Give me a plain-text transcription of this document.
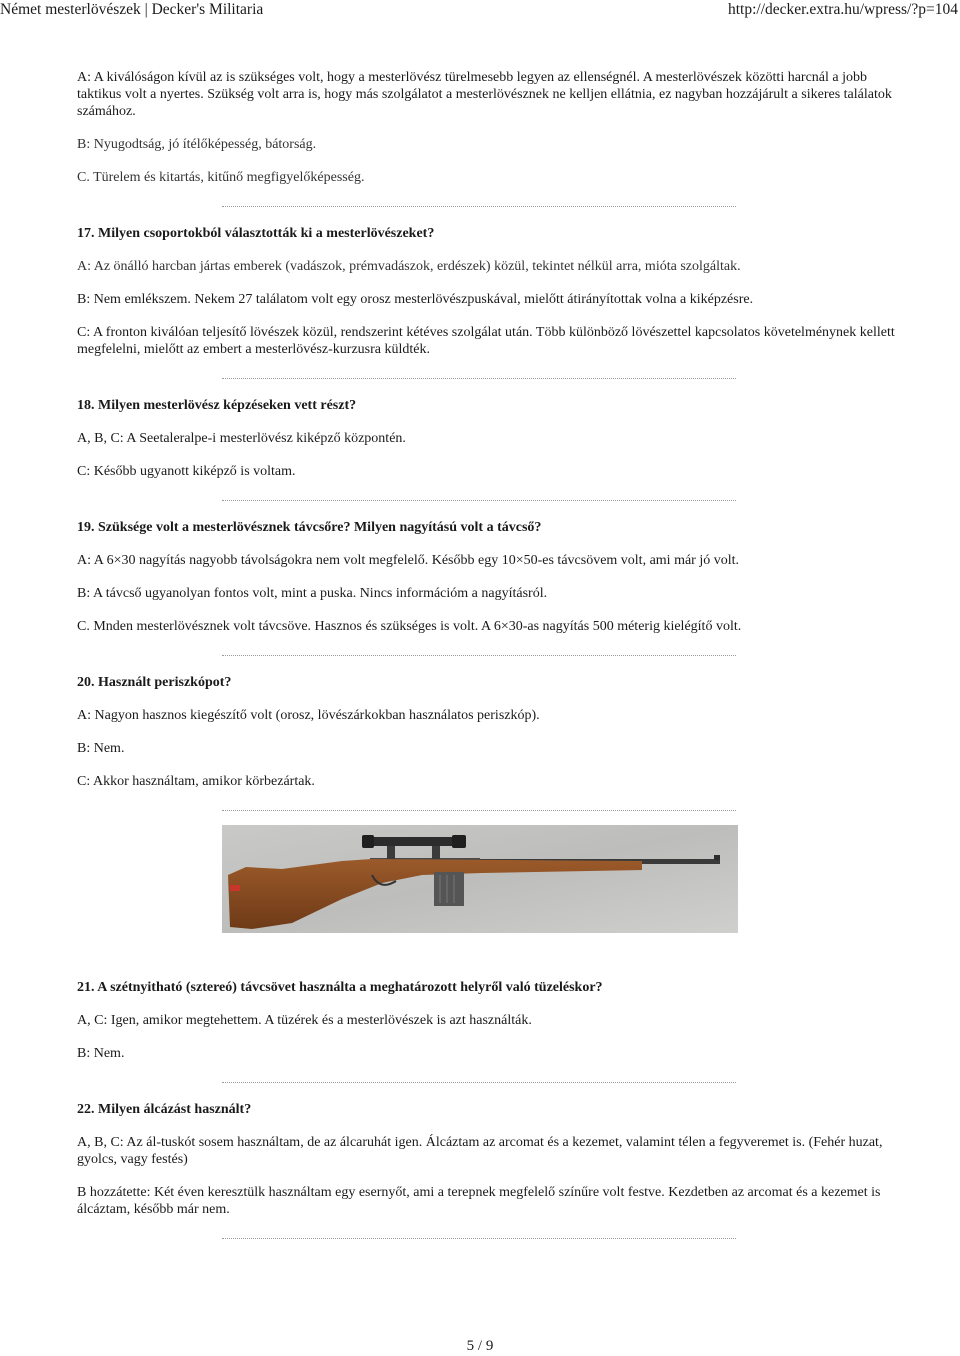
Német mesterlövészek | Decker's Militaria	http://decker.extra.hu/wpress/?p=104

A: A kiválóságon kívül az is szükséges volt, hogy a mesterlövész türelmesebb legyen az ellenségnél. A mesterlövészek közötti harcnál a jobb taktikus volt a nyertes. Szükség volt arra is, hogy más szolgálatot a mesterlövésznek ne kelljen ellátnia, ez nagyban hozzájárult a sikeres találatok számához.

B: Nyugodtság, jó ítélőképesség, bátorság.

C. Türelem és kitartás, kitűnő megfigyelőképesség.

17. Milyen csoportokból választották ki a mesterlövészeket?

A: Az önálló harcban jártas emberek (vadászok, prémvadászok, erdészek) közül, tekintet nélkül arra, mióta szolgáltak.

B: Nem emlékszem. Nekem 27 találatom volt egy orosz mesterlövészpuskával, mielőtt átirányítottak volna a kiképzésre.

C: A fronton kiválóan teljesítő lövészek közül, rendszerint kétéves szolgálat után. Több különböző lövészettel kapcsolatos követelménynek kellett megfelelni, mielőtt az embert a mesterlövész-kurzusra küldték.

18. Milyen mesterlövész képzéseken vett részt?

A, B, C: A Seetaleralpe-i mesterlövész kiképző központén.

C: Később ugyanott kiképző is voltam.

19. Szüksége volt a mesterlövésznek távcsőre? Milyen nagyítású volt a távcső?

A: A 6×30 nagyítás nagyobb távolságokra nem volt megfelelő. Később egy 10×50-es távcsövem volt, ami már jó volt.

B: A távcső ugyanolyan fontos volt, mint a puska. Nincs információm a nagyításról.

C. Mnden mesterlövésznek volt távcsöve. Hasznos és szükséges is volt. A 6×30-as nagyítás 500 méterig kielégítő volt.

20. Használt periszkópot?

A: Nagyon hasznos kiegészítő volt (orosz, lövészárkokban használatos periszkóp).

B: Nem.

C: Akkor használtam, amikor körbezártak.

21. A szétnyitható (sztereó) távcsövet használta a meghatározott helyről való tüzeléskor?

A, C: Igen, amikor megtehettem. A tüzérek és a mesterlövészek is azt használták.

B: Nem.

22. Milyen álcázást használt?

A, B, C: Az ál-tuskót sosem használtam, de az álcaruhát igen. Álcáztam az arcomat és a kezemet, valamint télen a fegyveremet is. (Fehér huzat, gyolcs, vagy festés)

B hozzátette: Két éven keresztülk használtam egy esernyőt, ami a terepnek megfelelő színűre volt festve. Kezdetben az arcomat és a kezemet is álcáztam, később már nem.

5 / 9
